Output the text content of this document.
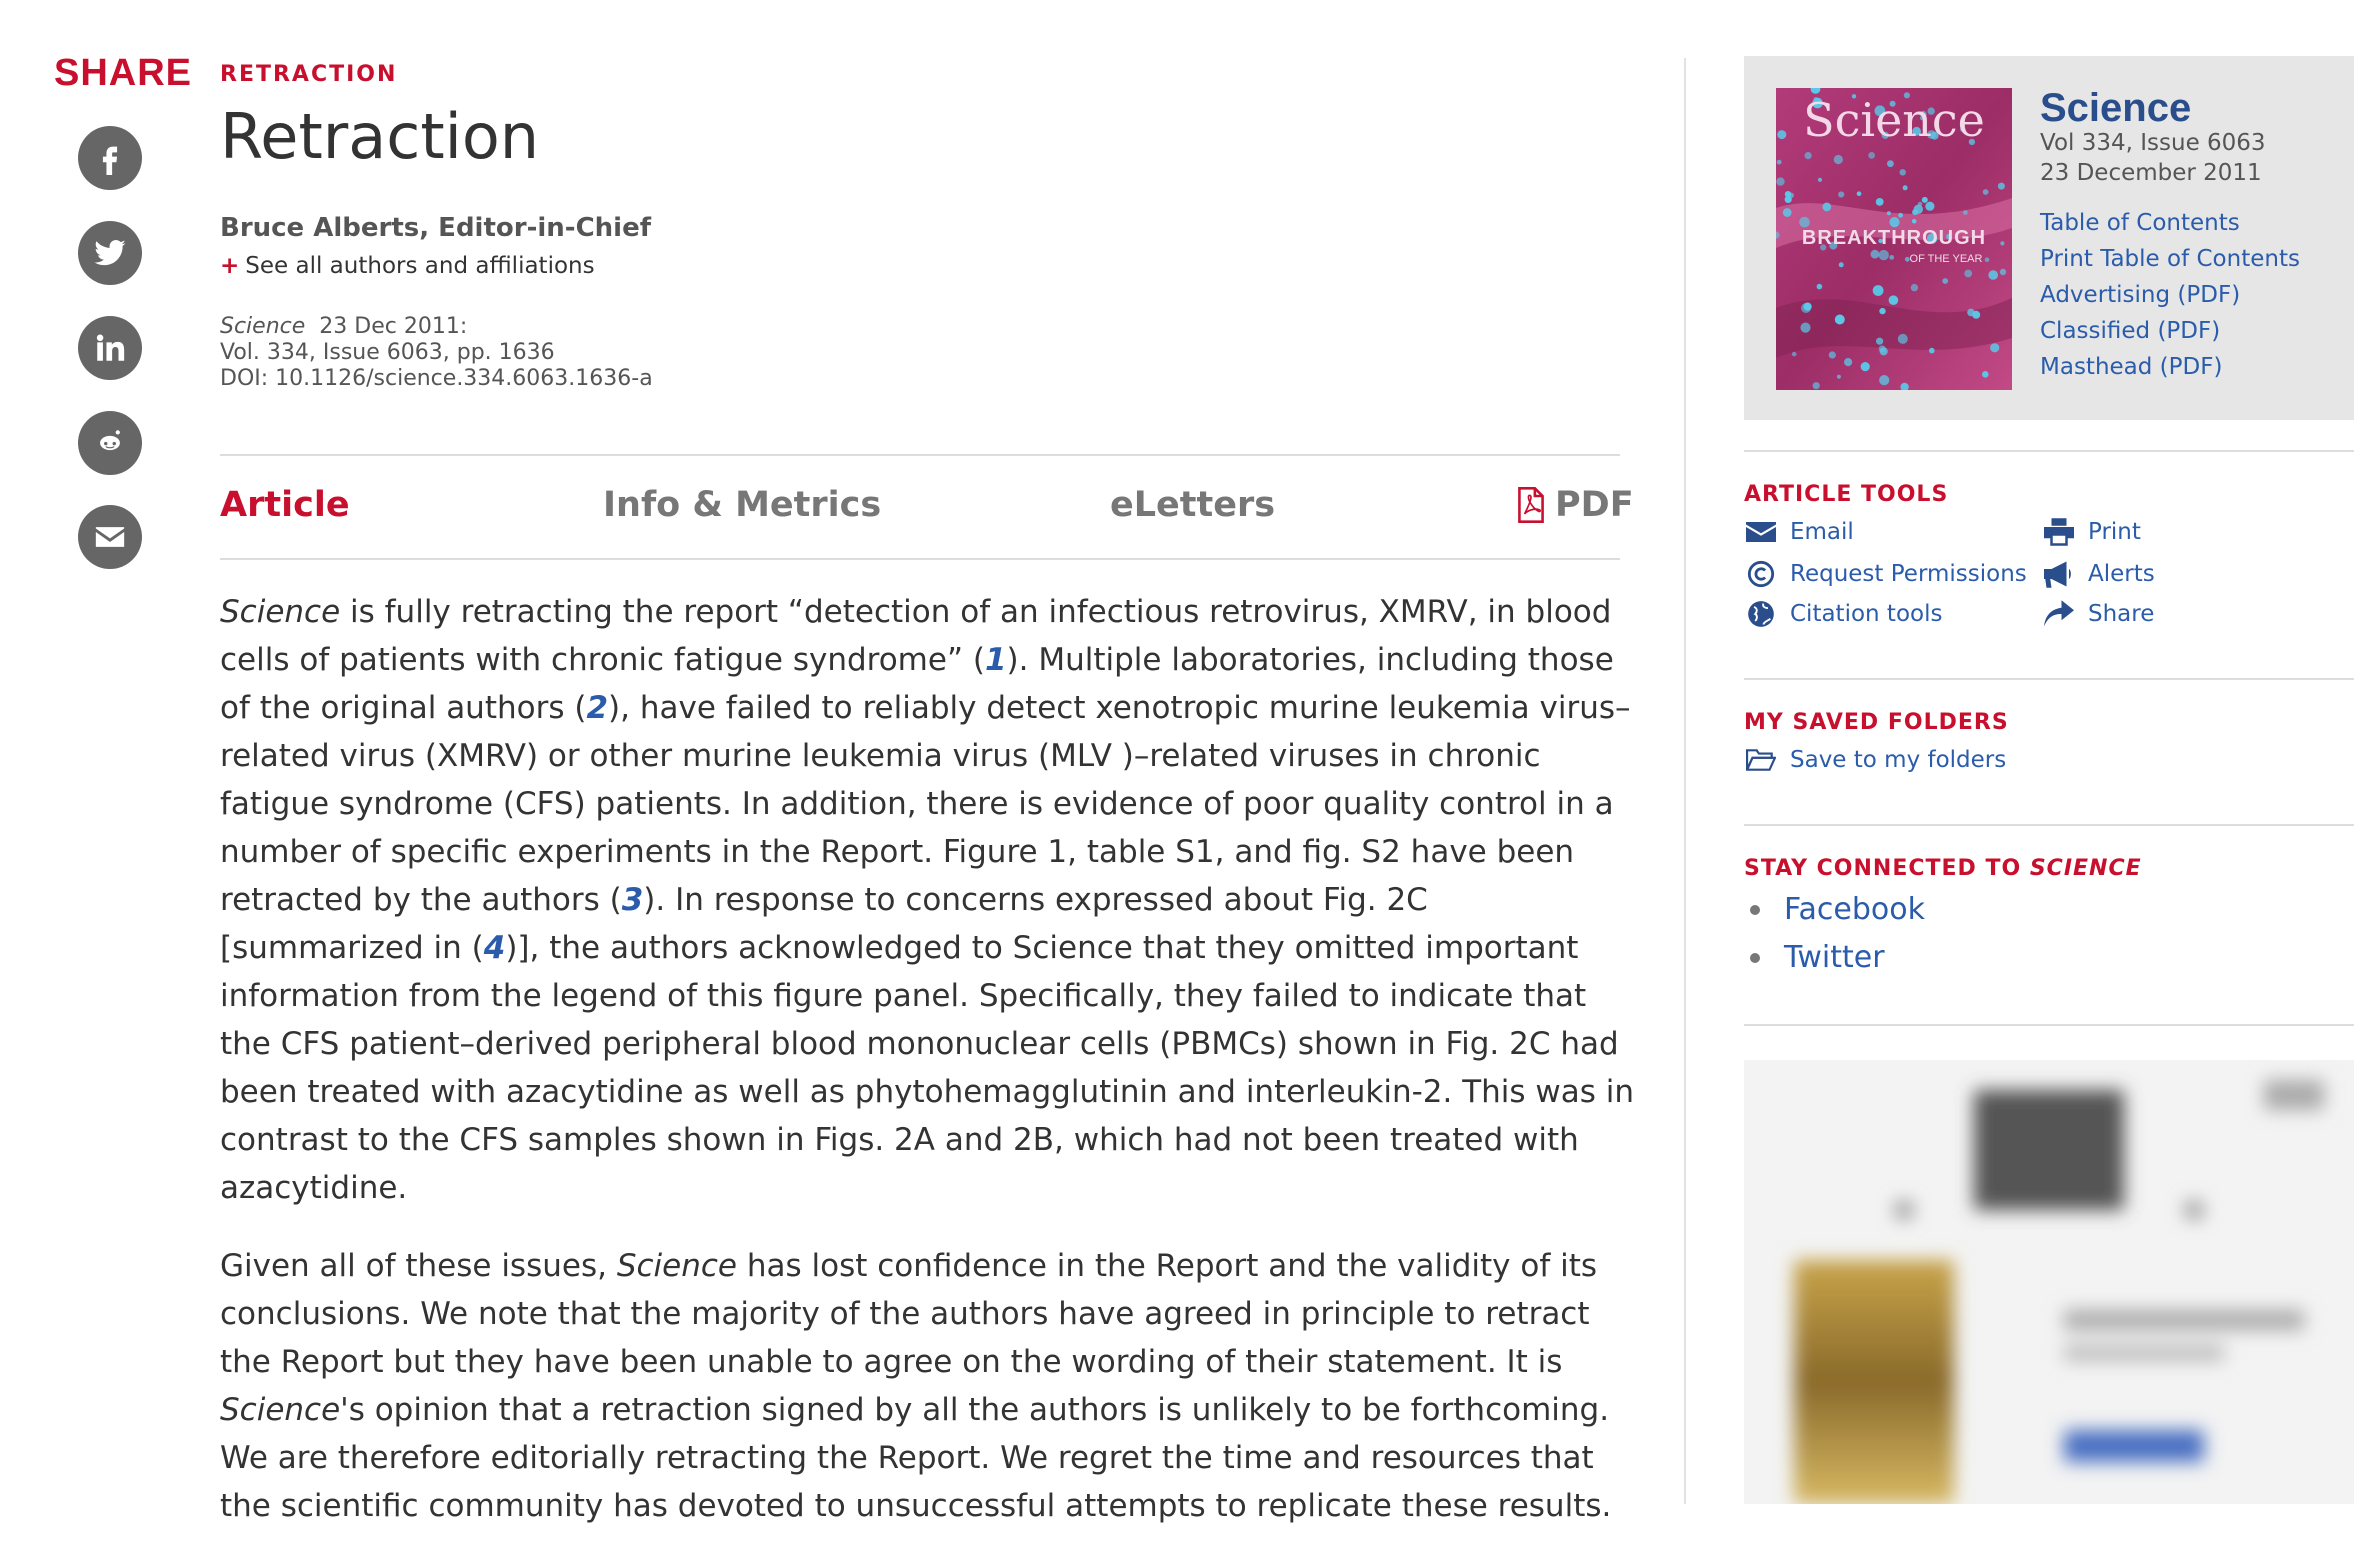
SHARE RETRACTION
Retraction
Bruce Alberts, Editor-in-Chief
+ See all authors and affiliations
Science 23 Dec 2011:
Vol. 334, Issue 6063, pp. 1636
DOI: 10.1126/science.334.6063.1636-a
Article	Info & Metrics	eLetters	PDF

Science is fully retracting the report “detection of an infectious retrovirus, XMRV, in blood cells of patients with chronic fatigue syndrome” (1). Multiple laboratories, including those of the original authors (2), have failed to reliably detect xenotropic murine leukemia virus–related virus (XMRV) or other murine leukemia virus (MLV )–related viruses in chronic fatigue syndrome (CFS) patients. In addition, there is evidence of poor quality control in a number of specific experiments in the Report. Figure 1, table S1, and fig. S2 have been retracted by the authors (3). In response to concerns expressed about Fig. 2C [summarized in (4)], the authors acknowledged to Science that they omitted important information from the legend of this figure panel. Specifically, they failed to indicate that the CFS patient–derived peripheral blood mononuclear cells (PBMCs) shown in Fig. 2C had been treated with azacytidine as well as phytohemagglutinin and interleukin-2. This was in contrast to the CFS samples shown in Figs. 2A and 2B, which had not been treated with azacytidine.

Given all of these issues, Science has lost confidence in the Report and the validity of its conclusions. We note that the majority of the authors have agreed in principle to retract the Report but they have been unable to agree on the wording of their statement. It is Science's opinion that a retraction signed by all the authors is unlikely to be forthcoming. We are therefore editorially retracting the Report. We regret the time and resources that the scientific community has devoted to unsuccessful attempts to replicate these results.

Science
BREAKTHROUGH
OF THE YEAR
Science
Vol 334, Issue 6063
23 December 2011
Table of Contents
Print Table of Contents
Advertising (PDF)
Classified (PDF)
Masthead (PDF)
ARTICLE TOOLS
Email
Request Permissions
Citation tools
Print
Alerts
Share
MY SAVED FOLDERS
Save to my folders
STAY CONNECTED TO SCIENCE
Facebook
Twitter
